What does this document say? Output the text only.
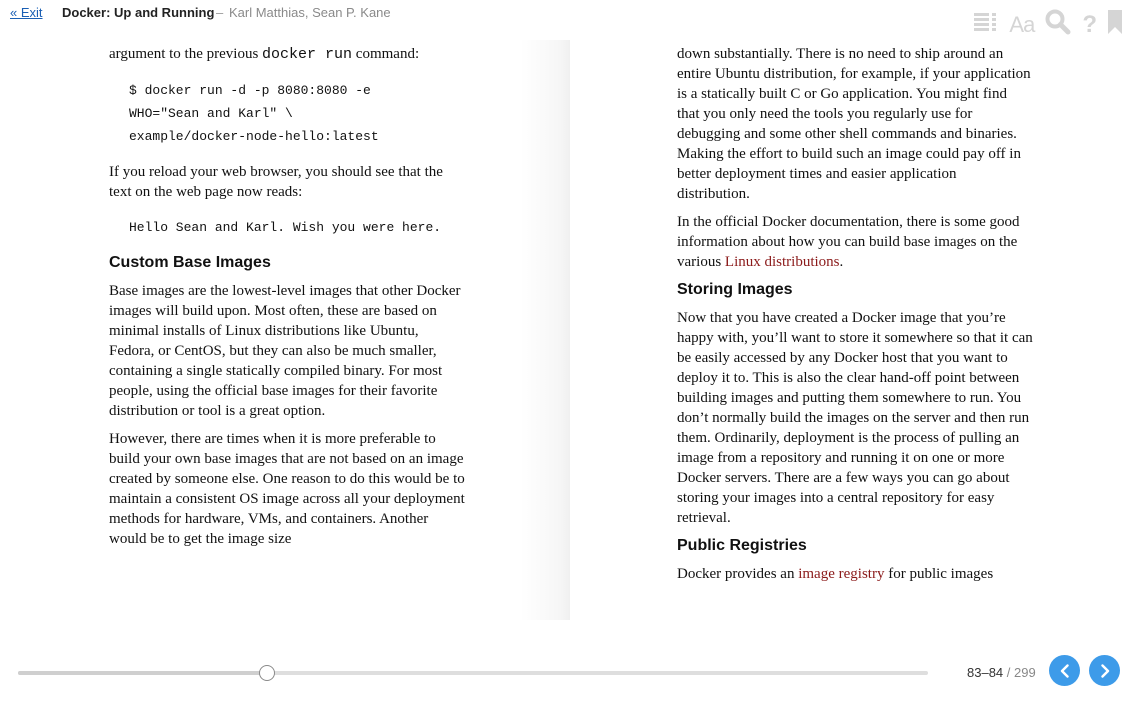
« Exit Docker: Up and Running – Karl Matthias, Sean P. Kane	Aa ?

argument to the previous docker run command:

$ docker run -d -p 8080:8080 -e
WHO="Sean and Karl" \
example/docker-node-hello:latest

If you reload your web browser, you should see that the text on the web page now reads:

Hello Sean and Karl. Wish you were here.
Custom Base Images

Base images are the lowest-level images that other Docker images will build upon. Most often, these are based on minimal installs of Linux distributions like Ubuntu, Fedora, or CentOS, but they can also be much smaller, containing a single statically compiled binary. For most people, using the official base images for their favorite distribution or tool is a great option.

However, there are times when it is more preferable to build your own base images that are not based on an image created by someone else. One reason to do this would be to maintain a consistent OS image across all your deployment methods for hardware, VMs, and containers. Another would be to get the image size

down substantially. There is no need to ship around an entire Ubuntu distribution, for example, if your application is a statically built C or Go application. You might find that you only need the tools you regularly use for debugging and some other shell commands and binaries. Making the effort to build such an image could pay off in better deployment times and easier application distribution.

In the official Docker documentation, there is some good information about how you can build base images on the various Linux distributions.

Storing Images

Now that you have created a Docker image that you’re happy with, you’ll want to store it somewhere so that it can be easily accessed by any Docker host that you want to deploy it to. This is also the clear hand-off point between building images and putting them somewhere to run. You don’t normally build the images on the server and then run them. Ordinarily, deployment is the process of pulling an image from a repository and running it on one or more Docker servers. There are a few ways you can go about storing your images into a central repository for easy retrieval.

Public Registries

Docker provides an image registry for public images

83–84 / 299
